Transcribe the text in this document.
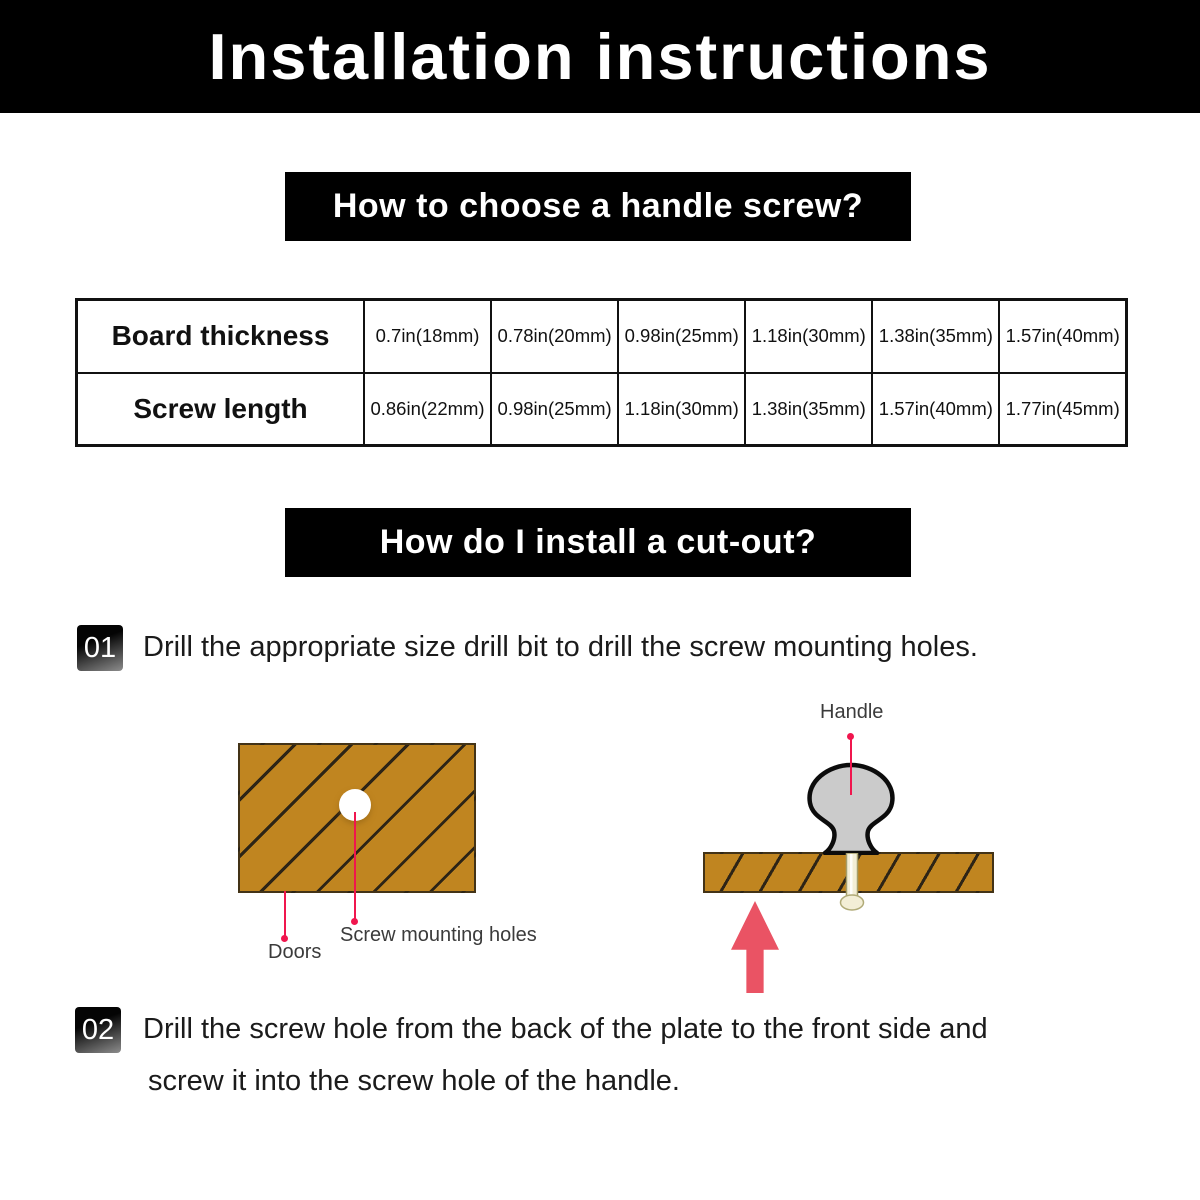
Installation instructions
How to choose a handle screw?
Board thickness	0.7in(18mm)	0.78in(20mm)	0.98in(25mm)	1.18in(30mm)	1.38in(35mm)	1.57in(40mm)
Screw length	0.86in(22mm)	0.98in(25mm)	1.18in(30mm)	1.38in(35mm)	1.57in(40mm)	1.77in(45mm)
How do I install a cut-out?
01 Drill the appropriate size drill bit to drill the screw mounting holes.
Screw mounting holes
Doors
Handle
02 Drill the screw hole from the back of the plate to the front side and
screw it into the screw hole of the handle.
